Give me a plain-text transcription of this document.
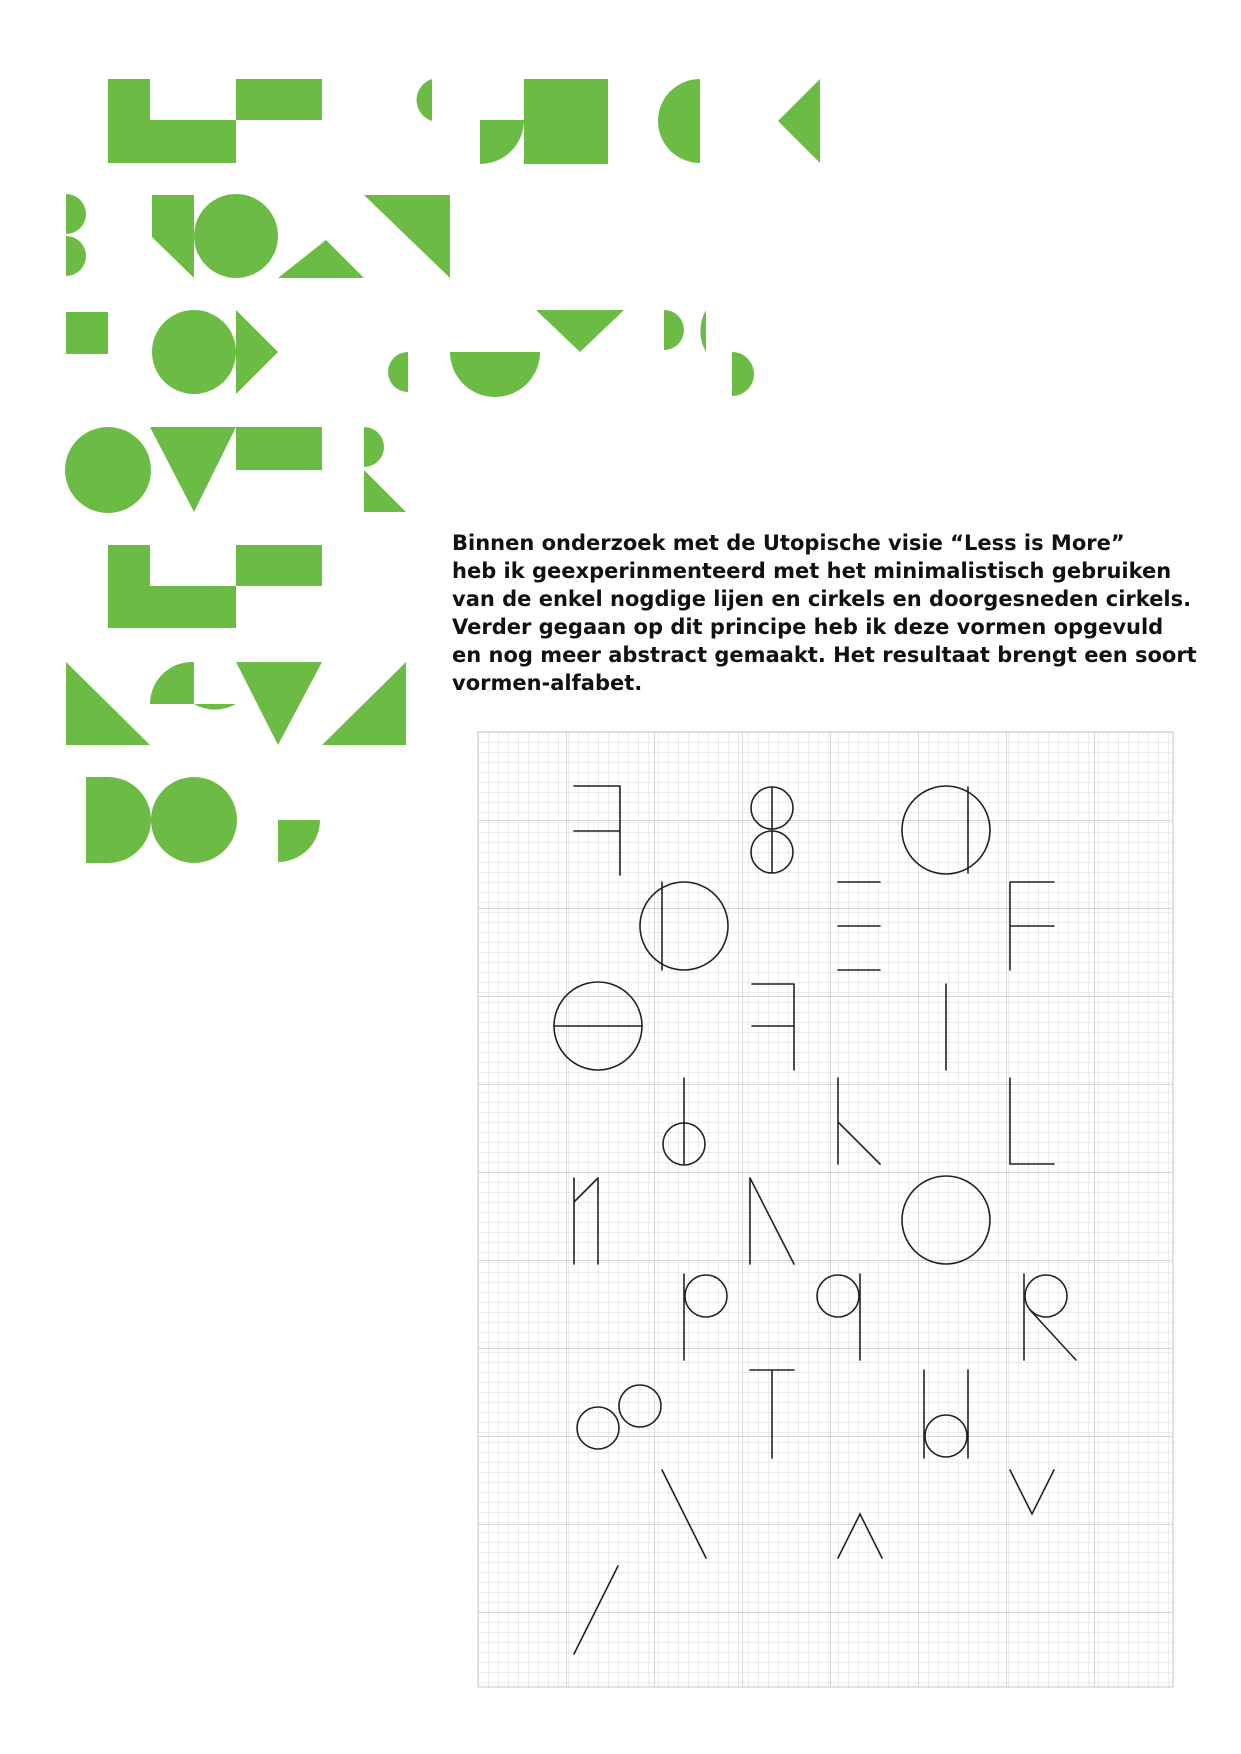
Binnen onderzoek met de Utopische visie “Less is More”
heb ik geexperinmenteerd met het minimalistisch gebruiken
van de enkel nogdige lijen en cirkels en doorgesneden cirkels.
Verder gegaan op dit principe heb ik deze vormen opgevuld
en nog meer abstract gemaakt. Het resultaat brengt een soort
vormen-alfabet.
